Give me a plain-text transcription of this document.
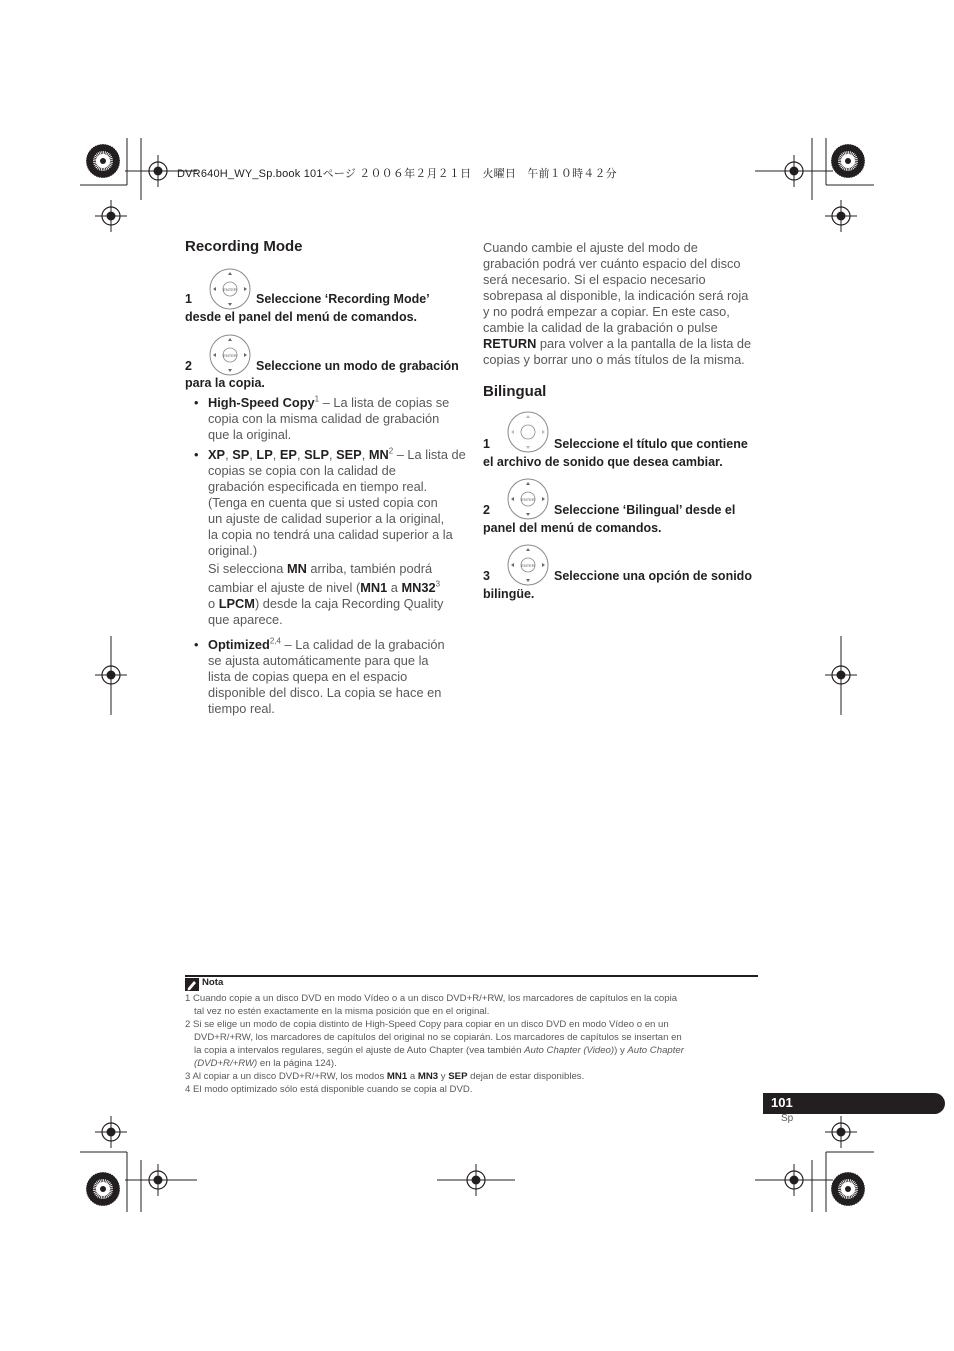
DVR640H_WY_Sp.book 101ページ ２００６年２月２１日　火曜日　午前１０時４２分
Recording Mode
ENTER
1	Seleccione ‘Recording Mode’
desde el panel del menú de comandos.
ENTER
2	Seleccione un modo de grabación
para la copia.
• High-Speed Copy$^1$ – La lista de copias se
copia con la misma calidad de grabación
que la original.
• XP, SP, LP, EP, SLP, SEP, $MN^2$ – La lista de
copias se copia con la calidad de
grabación especificada en tiempo real.
(Tenga en cuenta que si usted copia con
un ajuste de calidad superior a la original,
la copia no tendrá una calidad superior a la
original.)
Si selecciona MN arriba, también podrá
cambiar el ajuste de nivel (MN1 a $MN32^3$
o LPCM) desde la caja Recording Quality
que aparece.
• Optimized$^{2,4}$ – La calidad de la grabación
se ajusta automáticamente para que la
lista de copias quepa en el espacio
disponible del disco. La copia se hace en
tiempo real.
Cuando cambie el ajuste del modo de
grabación podrá ver cuánto espacio del disco
será necesario. Si el espacio necesario
sobrepasa al disponible, la indicación será roja
y no podrá empezar a copiar. En este caso,
cambie la calidad de la grabación o pulse
RETURN para volver a la pantalla de la lista de
copias y borrar uno o más títulos de la misma.
Bilingual
1	Seleccione el título que contiene
el archivo de sonido que desea cambiar.
ENTER
2	Seleccione ‘Bilingual’ desde el
panel del menú de comandos.
ENTER
3	Seleccione una opción de sonido
bilingüe.
Nota
1 Cuando copie a un disco DVD en modo Vídeo o a un disco DVD+R/+RW, los marcadores de capítulos en la copia
tal vez no estén exactamente en la misma posición que en el original.
2 Si se elige un modo de copia distinto de High-Speed Copy para copiar en un disco DVD en modo Vídeo o en un
DVD+R/+RW, los marcadores de capítulos del original no se copiarán. Los marcadores de capítulos se insertan en
la copia a intervalos regulares, según el ajuste de Auto Chapter (vea también Auto Chapter (Video)) y Auto Chapter
(DVD+R/+RW) en la página 124).
3 Al copiar a un disco DVD+R/+RW, los modos MN1 a MN3 y SEP dejan de estar disponibles.
4 El modo optimizado sólo está disponible cuando se copia al DVD.
101
Sp
